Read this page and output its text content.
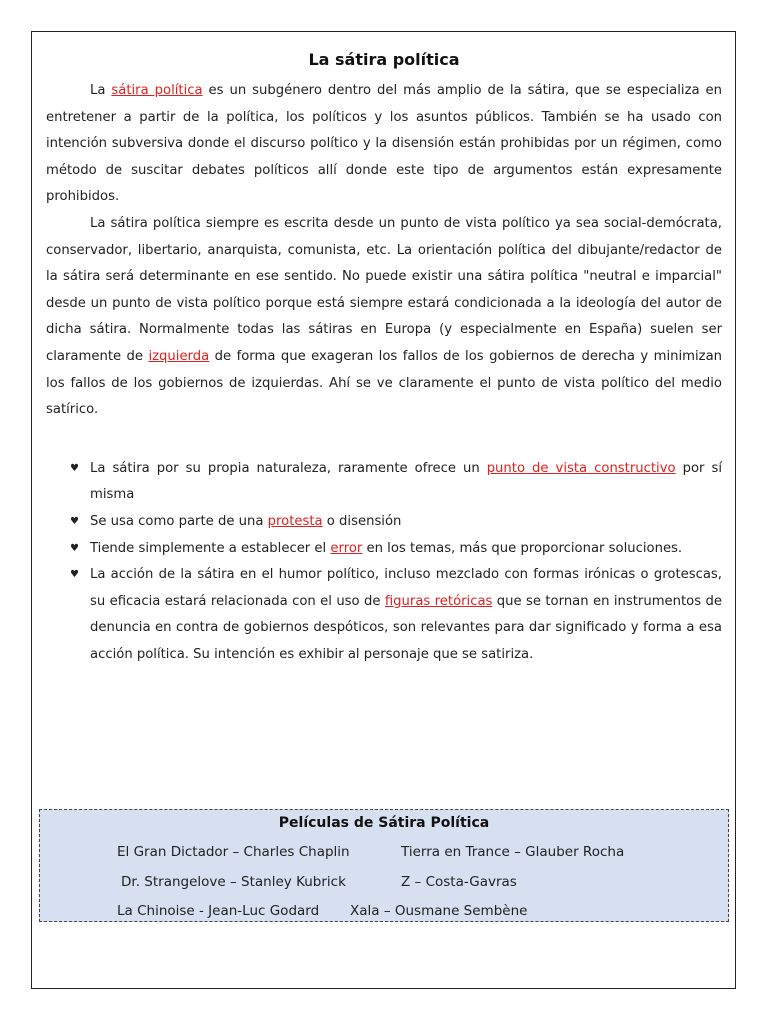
La sátira política

La sátira política es un subgénero dentro del más amplio de la sátira, que se especializa en entretener a partir de la política, los políticos y los asuntos públicos. También se ha usado con intención subversiva donde el discurso político y la disensión están prohibidas por un régimen, como método de suscitar debates políticos allí donde este tipo de argumentos están expresamente prohibidos.

La sátira política siempre es escrita desde un punto de vista político ya sea social-demócrata, conservador, libertario, anarquista, comunista, etc. La orientación política del dibujante/redactor de la sátira será determinante en ese sentido. No puede existir una sátira política "neutral e imparcial" desde un punto de vista político porque está siempre estará condicionada a la ideología del autor de dicha sátira. Normalmente todas las sátiras en Europa (y especialmente en España) suelen ser claramente de izquierda de forma que exageran los fallos de los gobiernos de derecha y minimizan los fallos de los gobiernos de izquierdas. Ahí se ve claramente el punto de vista político del medio satírico.

♥ La sátira por su propia naturaleza, raramente ofrece un punto de vista constructivo por sí misma
♥ Se usa como parte de una protesta o disensión
♥ Tiende simplemente a establecer el error en los temas, más que proporcionar soluciones.
♥ La acción de la sátira en el humor político, incluso mezclado con formas irónicas o grotescas, su eficacia estará relacionada con el uso de figuras retóricas que se tornan en instrumentos de denuncia en contra de gobiernos despóticos, son relevantes para dar significado y forma a esa acción política. Su intención es exhibir al personaje que se satiriza.
Películas de Sátira Política
El Gran Dictador – Charles Chaplin	Tierra en Trance – Glauber Rocha
Dr. Strangelove – Stanley Kubrick	Z – Costa-Gavras
La Chinoise - Jean-Luc Godard Xala – Ousmane Sembène
